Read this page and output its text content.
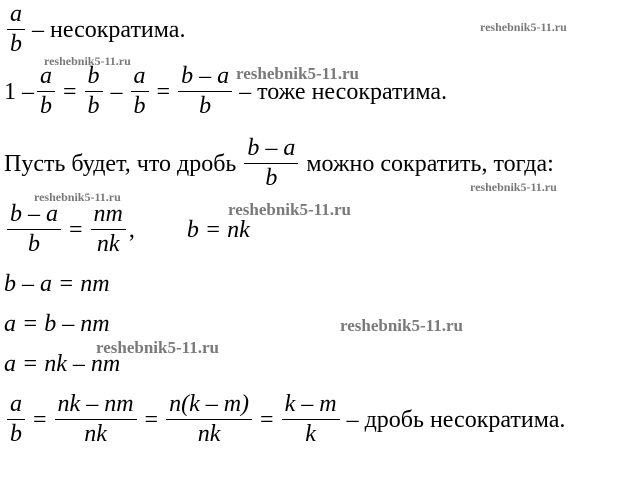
$\frac{a}{b}$ – несократима.
$1 - \frac{a}{b} = \frac{b}{b} - \frac{a}{b} = \frac{b - a}{b}$ – тоже несократима.
Пусть будет, что дробь $\frac{b - a}{b}$ можно сократить, тогда:
$\frac{b - a}{b} = \frac{nm}{nk}$ , b = nk
b – a = nm
a = b – nm
a = nk – nm
$\frac{a}{b} = \frac{nk - nm}{nk} = \frac{n(k - m)}{nk} = \frac{k - m}{k}$ – дробь несократима.
reshebnik5-11.ru
reshebnik5-11.ru
reshebnik5-11.ru
reshebnik5-11.ru
reshebnik5-11.ru
reshebnik5-11.ru
reshebnik5-11.ru
reshebnik5-11.ru
